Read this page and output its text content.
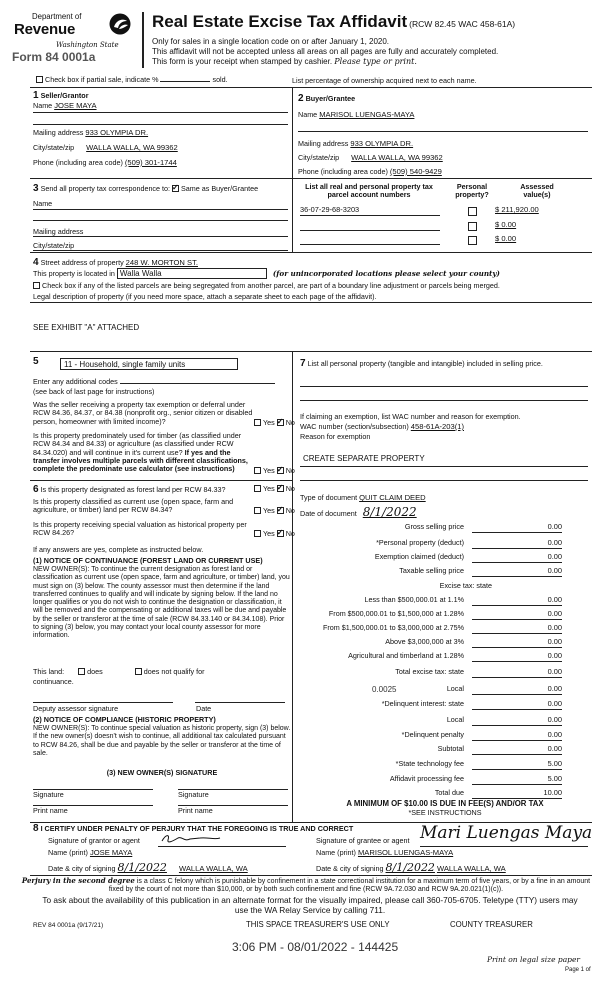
Department of
Revenue
Washington State
Form 84 0001a
Real Estate Excise Tax Affidavit (RCW 82.45 WAC 458-61A)
Only for sales in a single location code on or after January 1, 2020.
This affidavit will not be accepted unless all areas on all pages are fully and accurately completed.
This form is your receipt when stamped by cashier. Please type or print.
Check box if partial sale, indicate %	sold.	List percentage of ownership acquired next to each name.
1 Seller/Grantor
Name JOSE MAYA
Mailing address 933 OLYMPIA DR.
City/state/zip WALLA WALLA, WA 99362
Phone (including area code) (509) 301-1744
2 Buyer/Grantee
Name MARISOL LUENGAS-MAYA
Mailing address 933 OLYMPIA DR.
City/state/zip WALLA WALLA, WA 99362
Phone (including area code) (509) 540-9429
3 Send all property tax correspondence to: ✓ Same as Buyer/Grantee
Name
Mailing address
City/state/zip
List all real and personal property tax parcel account numbers
Personal property?
Assessed value(s)
36-07-29-68-3203	$ 211,920.00
$ 0.00
$ 0.00
4 Street address of property 248 W. MORTON ST.
This property is located in Walla Walla	(for unincorporated locations please select your county)
Check box if any of the listed parcels are being segregated from another parcel, are part of a boundary line adjustment or parcels being merged.
Legal description of property (if you need more space, attach a separate sheet to each page of the affidavit).
SEE EXHIBIT "A" ATTACHED
5	11 - Household, single family units
Enter any additional codes
(see back of last page for instructions)
Was the seller receiving a property tax exemption or deferral under RCW 84.36, 84.37, or 84.38 (nonprofit org., senior citizen or disabled person, homeowner with limited income)?	Yes ✓ No
Is this property predominately used for timber (as classified under RCW 84.34 and 84.33) or agriculture (as classified under RCW 84.34.020) and will continue in it's current use? If yes and the transfer involves multiple parcels with different classifications, complete the predominate use calculator (see instructions)	Yes ✓ No
6 Is this property designated as forest land per RCW 84.33?	Yes ✓ No
Is this property classified as current use (open space, farm and agriculture, or timber) land per RCW 84.34?	Yes ✓ No
Is this property receiving special valuation as historical property per RCW 84.26?	Yes ✓ No
If any answers are yes, complete as instructed below.
(1) NOTICE OF CONTINUANCE (FOREST LAND OR CURRENT USE)
NEW OWNER(S): To continue the current designation as forest land or classification as current use (open space, farm and agriculture, or timber) land, you must sign on (3) below. The county assessor must then determine if the land transferred continues to qualify and will indicate by signing below. If the land no longer qualifies or you do not wish to continue the designation or classification, it will be removed and the compensating or additional taxes will be due and payable by the seller or transferor at the time of sale (RCW 84.33.140 or 84.34.108). Prior to signing (3) below, you may contact your local county assessor for more information.
This land:	does	does not qualify for
continuance.
Deputy assessor signature	Date
(2) NOTICE OF COMPLIANCE (HISTORIC PROPERTY)
NEW OWNER(S): To continue special valuation as historic property, sign (3) below. If the new owner(s) doesn't wish to continue, all additional tax calculated pursuant to RCW 84.26, shall be due and payable by the seller or transferor at the time of sale.
(3) NEW OWNER(S) SIGNATURE
Signature	Signature
Print name	Print name
7 List all personal property (tangible and intangible) included in selling price.
If claiming an exemption, list WAC number and reason for exemption.
WAC number (section/subsection) 458-61A-203(1)
Reason for exemption
CREATE SEPARATE PROPERTY
Type of document QUIT CLAIM DEED
Date of document 8/1/2022
Gross selling price	0.00
*Personal property (deduct)	0.00
Exemption claimed (deduct)	0.00
Taxable selling price	0.00
Excise tax: state
Less than $500,000.01 at 1.1%	0.00
From $500,000.01 to $1,500,000 at 1.28%	0.00
From $1,500,000.01 to $3,000,000 at 2.75%	0.00
Above $3,000,000 at 3%	0.00
Agricultural and timberland at 1.28%	0.00
Total excise tax: state	0.00
Local	0.00
*Delinquent interest: state	0.00
Local	0.00
*Delinquent penalty	0.00
Subtotal	0.00
*State technology fee	5.00
Affidavit processing fee	5.00
Total due	10.00
0.0025
A MINIMUM OF $10.00 IS DUE IN FEE(S) AND/OR TAX
*SEE INSTRUCTIONS
8 I CERTIFY UNDER PENALTY OF PERJURY THAT THE FOREGOING IS TRUE AND CORRECT
Signature of grantor or agent	Signature of grantee or agent Mari Luengas Maya
Name (print) JOSE MAYA	Name (print) MARISOL LUENGAS-MAYA
Date & city of signing 8/1/2022 WALLA WALLA, WA	Date & city of signing 8/1/2022 WALLA WALLA, WA
Perjury in the second degree is a class C felony which is punishable by confinement in a state correctional institution for a maximum term of five years, or by a fine in an amount fixed by the court of not more than $10,000, or by both such confinement and fine (RCW 9A.72.030 and RCW 9A.20.021(1)(c)).
To ask about the availability of this publication in an alternate format for the visually impaired, please call 360-705-6705. Teletype (TTY) users may use the WA Relay Service by calling 711.
REV 84 0001a (9/17/21)	THIS SPACE TREASURER'S USE ONLY	COUNTY TREASURER
3:06 PM - 08/01/2022 - 144425
Print on legal size paper
Page 1 of
